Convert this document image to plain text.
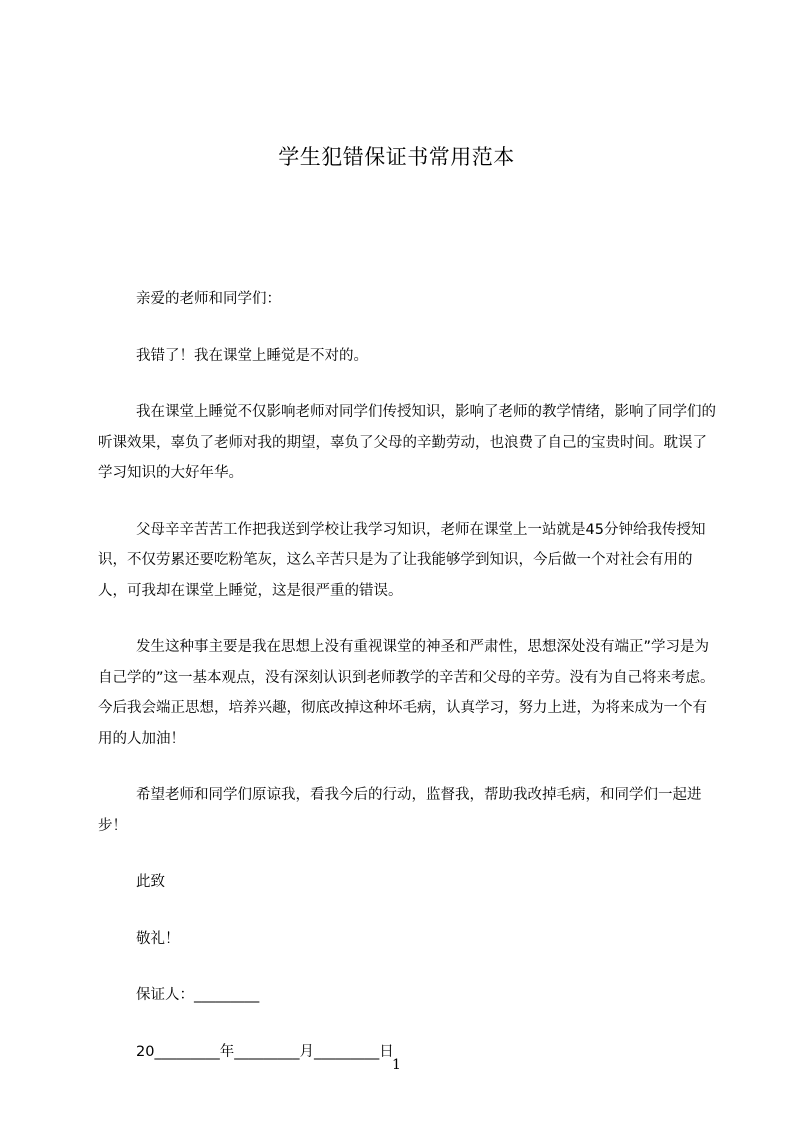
学生犯错保证书常用范本

亲爱的老师和同学们：

我错了！我在课堂上睡觉是不对的。

我在课堂上睡觉不仅影响老师对同学们传授知识，影响了老师的教学情绪，影响了同学们的听课效果，辜负了老师对我的期望，辜负了父母的辛勤劳动，也浪费了自己的宝贵时间。耽误了学习知识的大好年华。

父母辛辛苦苦工作把我送到学校让我学习知识，老师在课堂上一站就是45分钟给我传授知识，不仅劳累还要吃粉笔灰，这么辛苦只是为了让我能够学到知识，今后做一个对社会有用的人，可我却在课堂上睡觉，这是很严重的错误。

发生这种事主要是我在思想上没有重视课堂的神圣和严肃性，思想深处没有端正”学习是为自己学的”这一基本观点，没有深刻认识到老师教学的辛苦和父母的辛劳。没有为自己将来考虑。今后我会端正思想，培养兴趣，彻底改掉这种坏毛病，认真学习，努力上进，为将来成为一个有用的人加油！

希望老师和同学们原谅我，看我今后的行动，监督我，帮助我改掉毛病，和同学们一起进步！

此致

敬礼！

保证人：_________

20_________年_________月_________日

1
